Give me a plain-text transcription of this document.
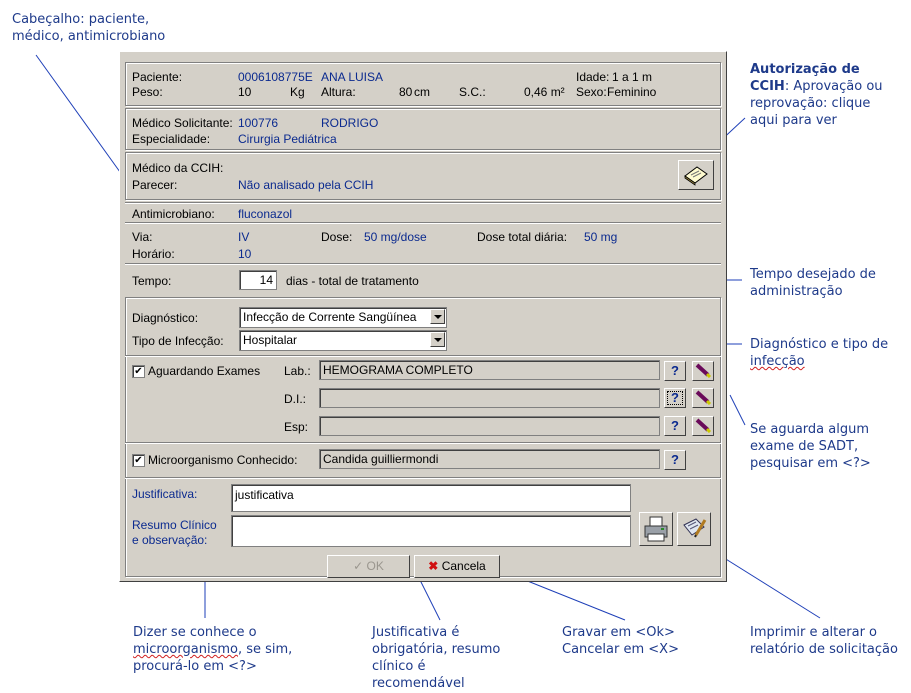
Cabeçalho: paciente,
médico, antimicrobiano
Autorização de CCIH: Aprovação ou reprovação: clique aqui para ver
Tempo desejado de administração
Diagnóstico e tipo de infecção
Se aguarda algum exame de SADT, pesquisar em <?>
Dizer se conhece o microorganismo, se sim, procurá-lo em <?>
Justificativa é obrigatória, resumo clínico é recomendável
Gravar em <Ok>
Cancelar em <X>
Imprimir e alterar o relatório de solicitação
Paciente:	0006108775E ANA LUISA	Idade: 1 a 1 m
Peso:	10	Kg Altura:	80 cm S.C.:	0,46 m² Sexo: Feminino
Médico Solicitante: 100776	RODRIGO
Especialidade: Cirurgia Pediátrica
Médico da CCIH:
Parecer:	Não analisado pela CCIH
Antimicrobiano: fluconazol
Via:	IV	Dose: 50 mg/dose	Dose total diária: 50 mg
Horário:	10
Tempo:	14 dias - total de tratamento
Diagnóstico:	Infecção de Corrente Sangüínea
Tipo de Infecção: Hospitalar
✔ Aguardando Exames Lab.: HEMOGRAMA COMPLETO	?
D.I.:	?
Esp:	?
✔ Microorganismo Conhecido: Candida guilliermondi	?
Justificativa:	justificativa
Resumo Clínico
e observação:
✓ OK	✖ Cancela
